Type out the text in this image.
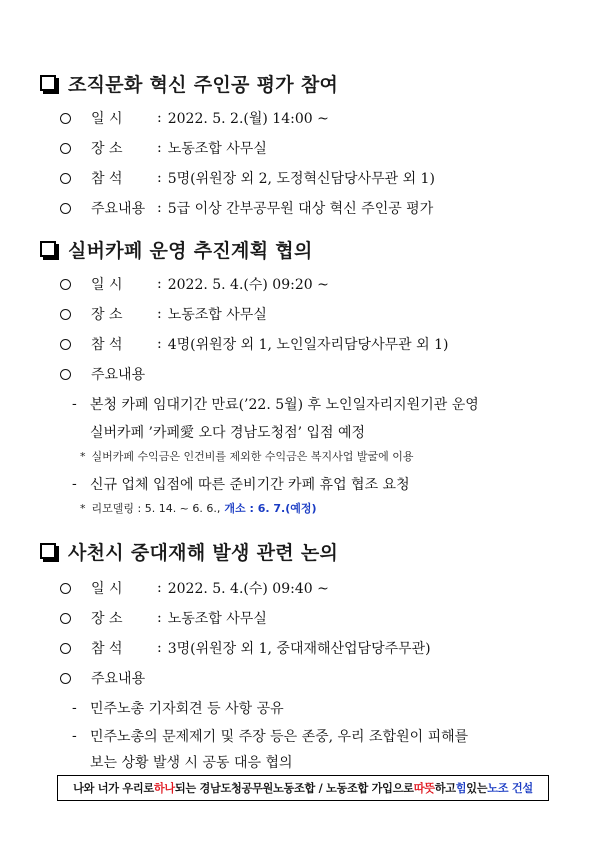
조직문화 혁신 주인공 평가 참여
일 시	: 2022. 5. 2.(월) 14:00 ~
장 소	: 노동조합 사무실
참 석	: 5명(위원장 외 2, 도정혁신담당사무관 외 1)
주요내용 : 5급 이상 간부공무원 대상 혁신 주인공 평가
실버카페 운영 추진계획 협의
일 시	: 2022. 5. 4.(수) 09:20 ~
장 소	: 노동조합 사무실
참 석	: 4명(위원장 외 1, 노인일자리담당사무관 외 1)
주요내용
- 본청 카페 임대기간 만료(’22. 5월) 후 노인일자리지원기관 운영
실버카페 ’카페愛 오다 경남도청점’ 입점 예정
* 실버카페 수익금은 인건비를 제외한 수익금은 복지사업 발굴에 이용
- 신규 업체 입점에 따른 준비기간 카페 휴업 협조 요청
* 리모델링 : 5. 14. ~ 6. 6., 개소 : 6. 7.(예정)
사천시 중대재해 발생 관련 논의
일 시	: 2022. 5. 4.(수) 09:40 ~
장 소	: 노동조합 사무실
참 석	: 3명(위원장 외 1, 중대재해산업담당주무관)
주요내용
- 민주노총 기자회견 등 사항 공유
- 민주노총의 문제제기 및 주장 등은 존중, 우리 조합원이 피해를
보는 상황 발생 시 공동 대응 협의
나와 너가 우리로 하나 되는 경남도청공무원노동조합 / 노동조합 가입으로 따뜻 하고 힘 있는 노조 건설
